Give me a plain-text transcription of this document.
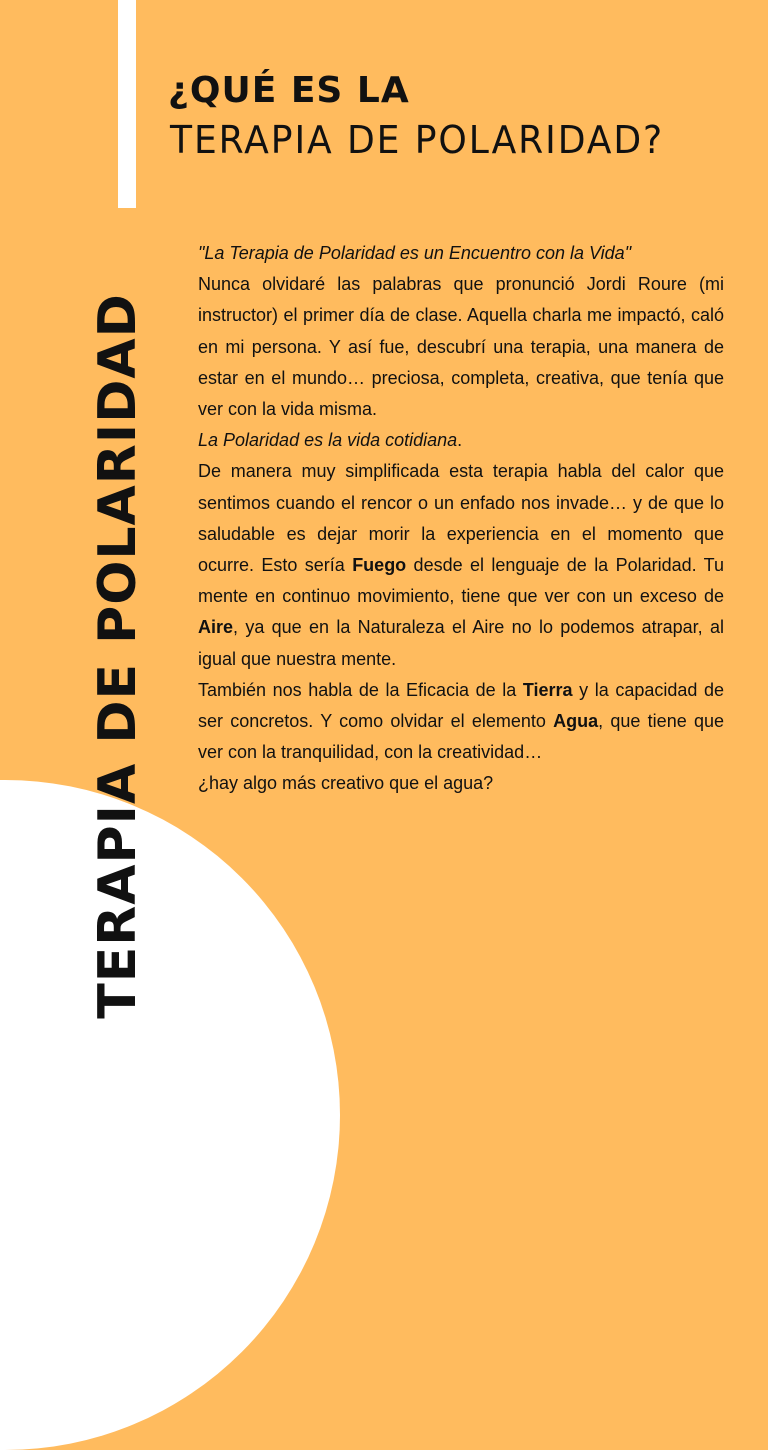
¿QUÉ ES LA
TERAPIA DE POLARIDAD?
TERAPIA DE POLARIDAD

"La Terapia de Polaridad es un Encuentro con la Vida"

Nunca olvidaré las palabras que pronunció Jordi Roure (mi instructor) el primer día de clase. Aquella charla me impactó, caló en mi persona. Y así fue, descubrí una terapia, una manera de estar en el mundo… preciosa, completa, creativa, que tenía que ver con la vida misma.

La Polaridad es la vida cotidiana.

De manera muy simplificada esta terapia habla del calor que sentimos cuando el rencor o un enfado nos invade… y de que lo saludable es dejar morir la experiencia en el momento que ocurre. Esto sería Fuego desde el lenguaje de la Polaridad. Tu mente en continuo movimiento, tiene que ver con un exceso de Aire, ya que en la Naturaleza el Aire no lo podemos atrapar, al igual que nuestra mente.

También nos habla de la Eficacia de la Tierra y la capacidad de ser concretos. Y como olvidar el elemento Agua, que tiene que ver con la tranquilidad, con la creatividad…

¿hay algo más creativo que el agua?
